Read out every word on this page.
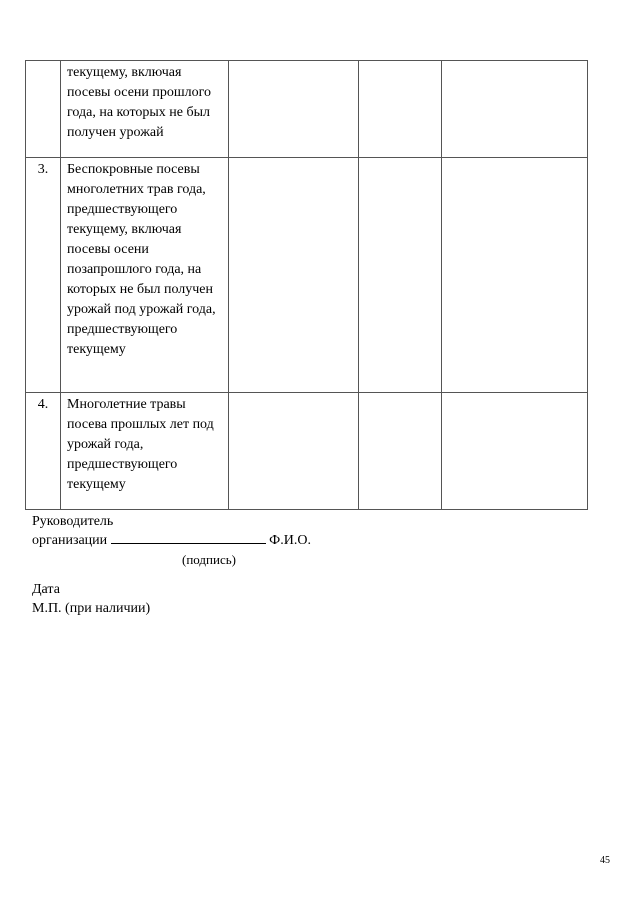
	текущему, включая посевы осени прошлого года, на которых не был получен урожай			

3.	Беспокровные посевы многолетних трав года, предшествующего текущему, включая посевы осени позапрошлого года, на которых не был получен урожай под урожай года, предшествующего текущему			

4.	Многолетние травы посева прошлых лет под урожай года, предшествующего текущему			

Руководитель
организации	Ф.И.О.
(подпись)
Дата
М.П. (при наличии)
45
